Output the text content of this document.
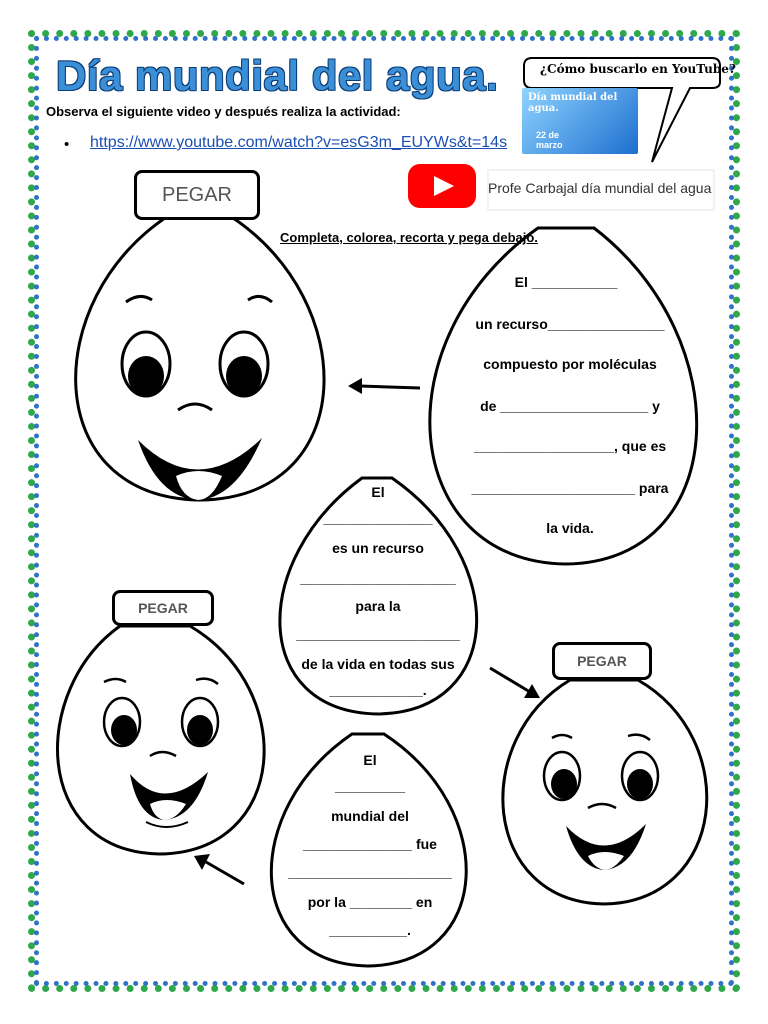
Día mundial del agua.
Observa el siguiente video y después realiza la actividad:
• https://www.youtube.com/watch?v=esG3m_EUYWs&t=14s
¿Cómo buscarlo en YouTube?
Día mundial del agua.
22 de marzo
Profe Carbajal día mundial del agua
PEGAR
PEGAR
PEGAR
Completa, colorea, recorta y pega debajo.
El ___________
un recurso_______________
compuesto por moléculas
de ___________________ y
__________________, que es
_____________________ para
la vida.
El
______________
es un recurso
____________________
para la
_____________________
de la vida en todas sus
____________.
El
_________
mundial del
______________ fue
_____________________
por la ________ en
__________.
